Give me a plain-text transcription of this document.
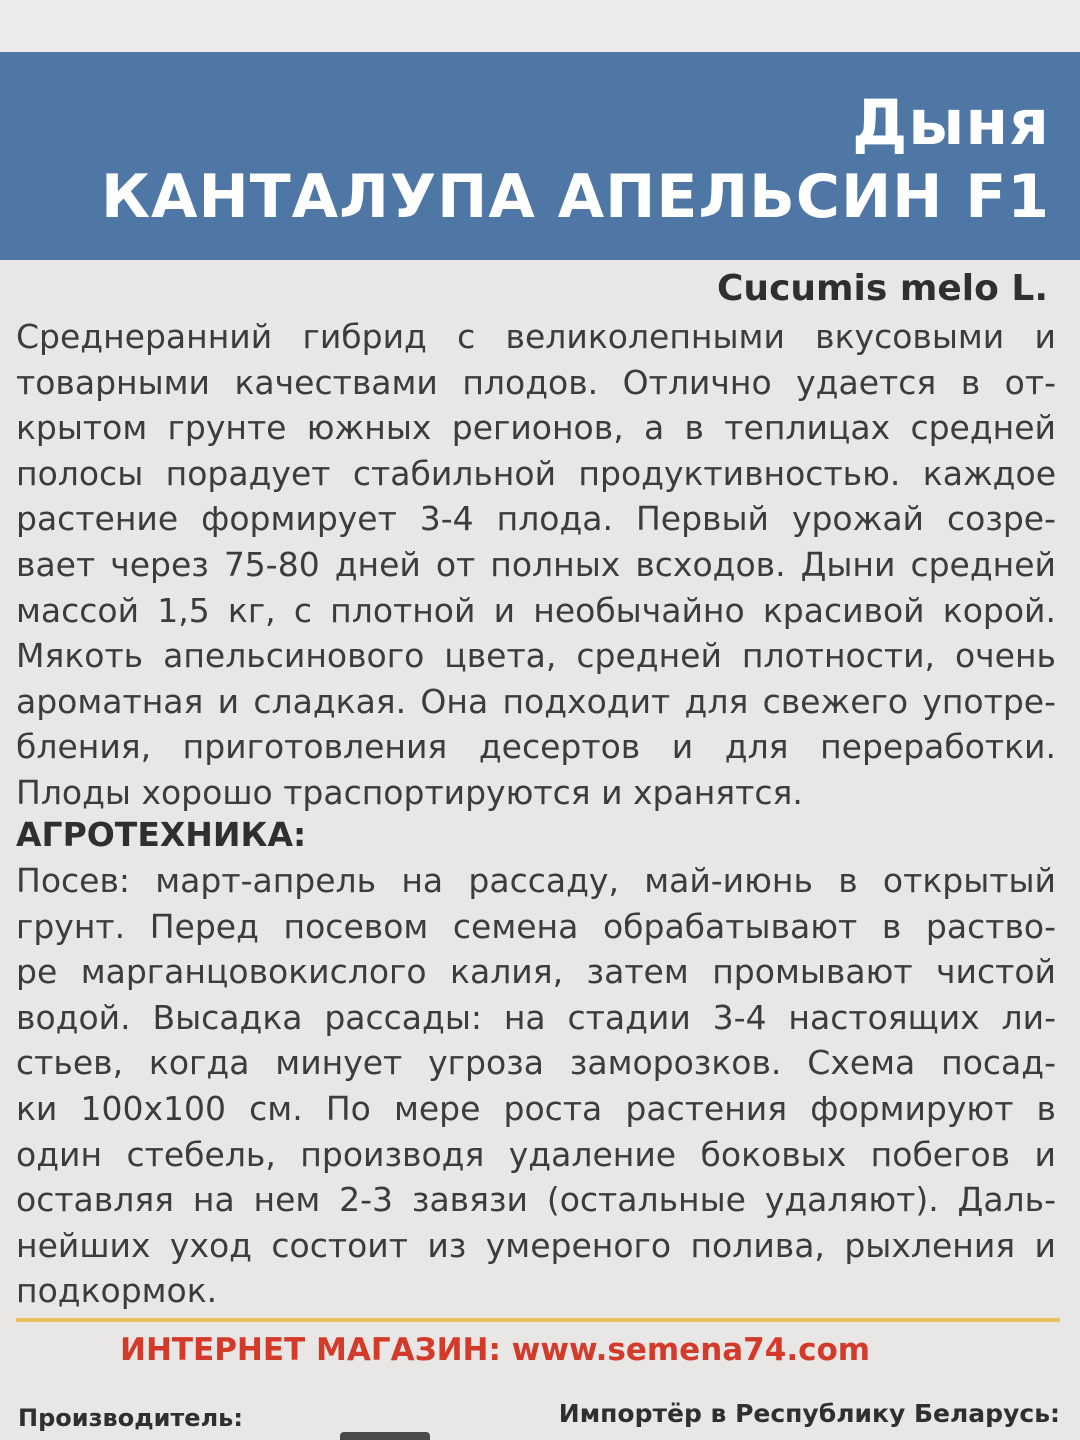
Дыня
КАНТАЛУПА АПЕЛЬСИН F1
Cucumis melo L.
Среднеранний гибрид с великолепными вкусовыми и
товарными качествами плодов. Отлично удается в от-
крытом грунте южных регионов, а в теплицах средней
полосы порадует стабильной продуктивностью. каждое
растение формирует 3-4 плода. Первый урожай созре-
вает через 75-80 дней от полных всходов. Дыни средней
массой 1,5 кг, с плотной и необычайно красивой корой.
Мякоть апельсинового цвета, средней плотности, очень
ароматная и сладкая. Она подходит для свежего употре-
бления, приготовления десертов и для переработки.
Плоды хорошо траспортируются и хранятся.
АГРОТЕХНИКА:
Посев: март-апрель на рассаду, май-июнь в открытый
грунт. Перед посевом семена обрабатывают в раство-
ре марганцовокислого калия, затем промывают чистой
водой. Высадка рассады: на стадии 3-4 настоящих ли-
стьев, когда минует угроза заморозков. Схема посад-
ки 100х100 см. По мере роста растения формируют в
один стебель, производя удаление боковых побегов и
оставляя на нем 2-3 завязи (остальные удаляют). Даль-
нейших уход состоит из умереного полива, рыхления и
подкормок.
ИНТЕРНЕТ МАГАЗИН: www.semena74.com
Производитель:	Импортёр в Республику Беларусь:
